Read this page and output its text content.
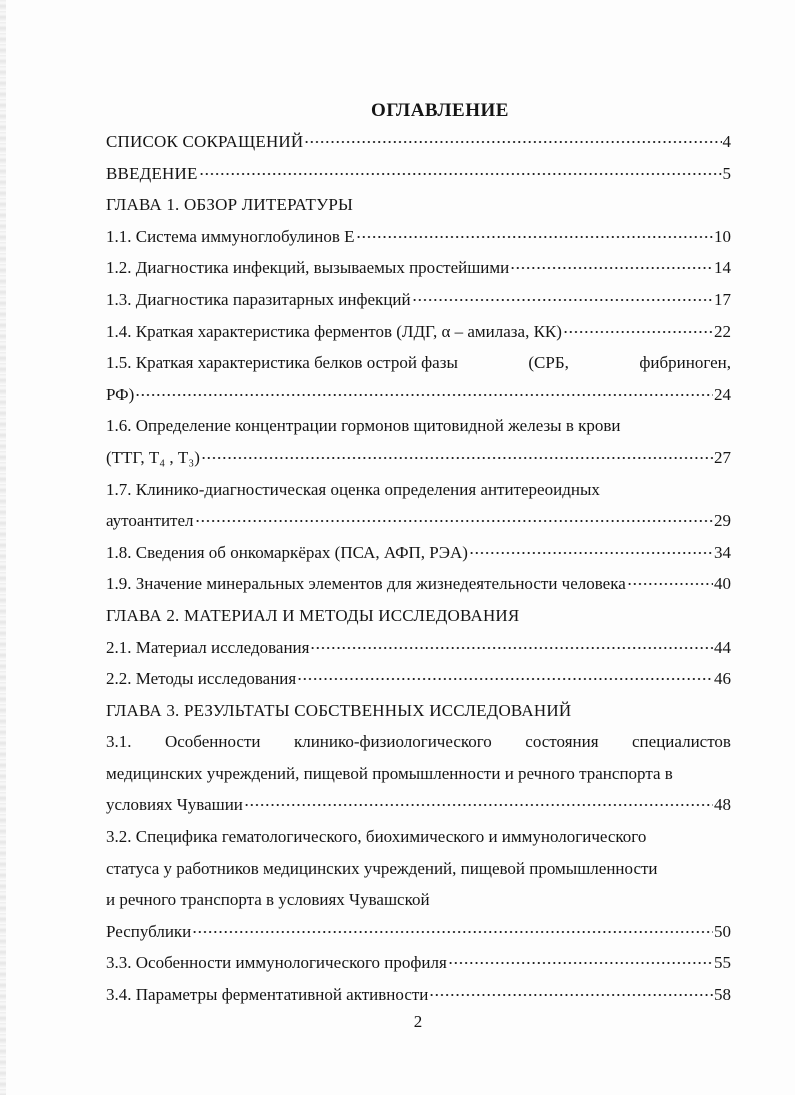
ОГЛАВЛЕНИЕ
СПИСОК СОКРАЩЕНИЙ	4
ВВЕДЕНИЕ	5
ГЛАВА 1. ОБЗОР ЛИТЕРАТУРЫ
1.1. Система иммуноглобулинов Е	10
1.2. Диагностика инфекций, вызываемых простейшими	14
1.3. Диагностика паразитарных инфекций	17
1.4. Краткая характеристика ферментов (ЛДГ, α – амилаза, КК)	22
1.5. Краткая характеристика белков острой фазы	(СРБ,	фибриноген,
РФ)	24
1.6. Определение концентрации гормонов щитовидной железы в крови
(ТТГ, Т₄ , Т₃)	27
1.7. Клинико-диагностическая оценка определения антитереоидных
аутоантител	29
1.8. Сведения об онкомаркёрах (ПСА, АФП, РЭА)	34
1.9. Значение минеральных элементов для жизнедеятельности человека	40
ГЛАВА 2. МАТЕРИАЛ И МЕТОДЫ ИССЛЕДОВАНИЯ
2.1. Материал исследования	44
2.2. Методы исследования	46
ГЛАВА 3. РЕЗУЛЬТАТЫ СОБСТВЕННЫХ ИССЛЕДОВАНИЙ
3.1. Особенности клинико-физиологического состояния специалистов
медицинских учреждений, пищевой промышленности и речного транспорта в
условиях Чувашии	48
3.2. Специфика гематологического, биохимического и иммунологического
статуса у работников медицинских учреждений, пищевой промышленности
и речного транспорта в условиях Чувашской
Республики	50
3.3. Особенности иммунологического профиля	55
3.4. Параметры ферментативной активности	58

2
